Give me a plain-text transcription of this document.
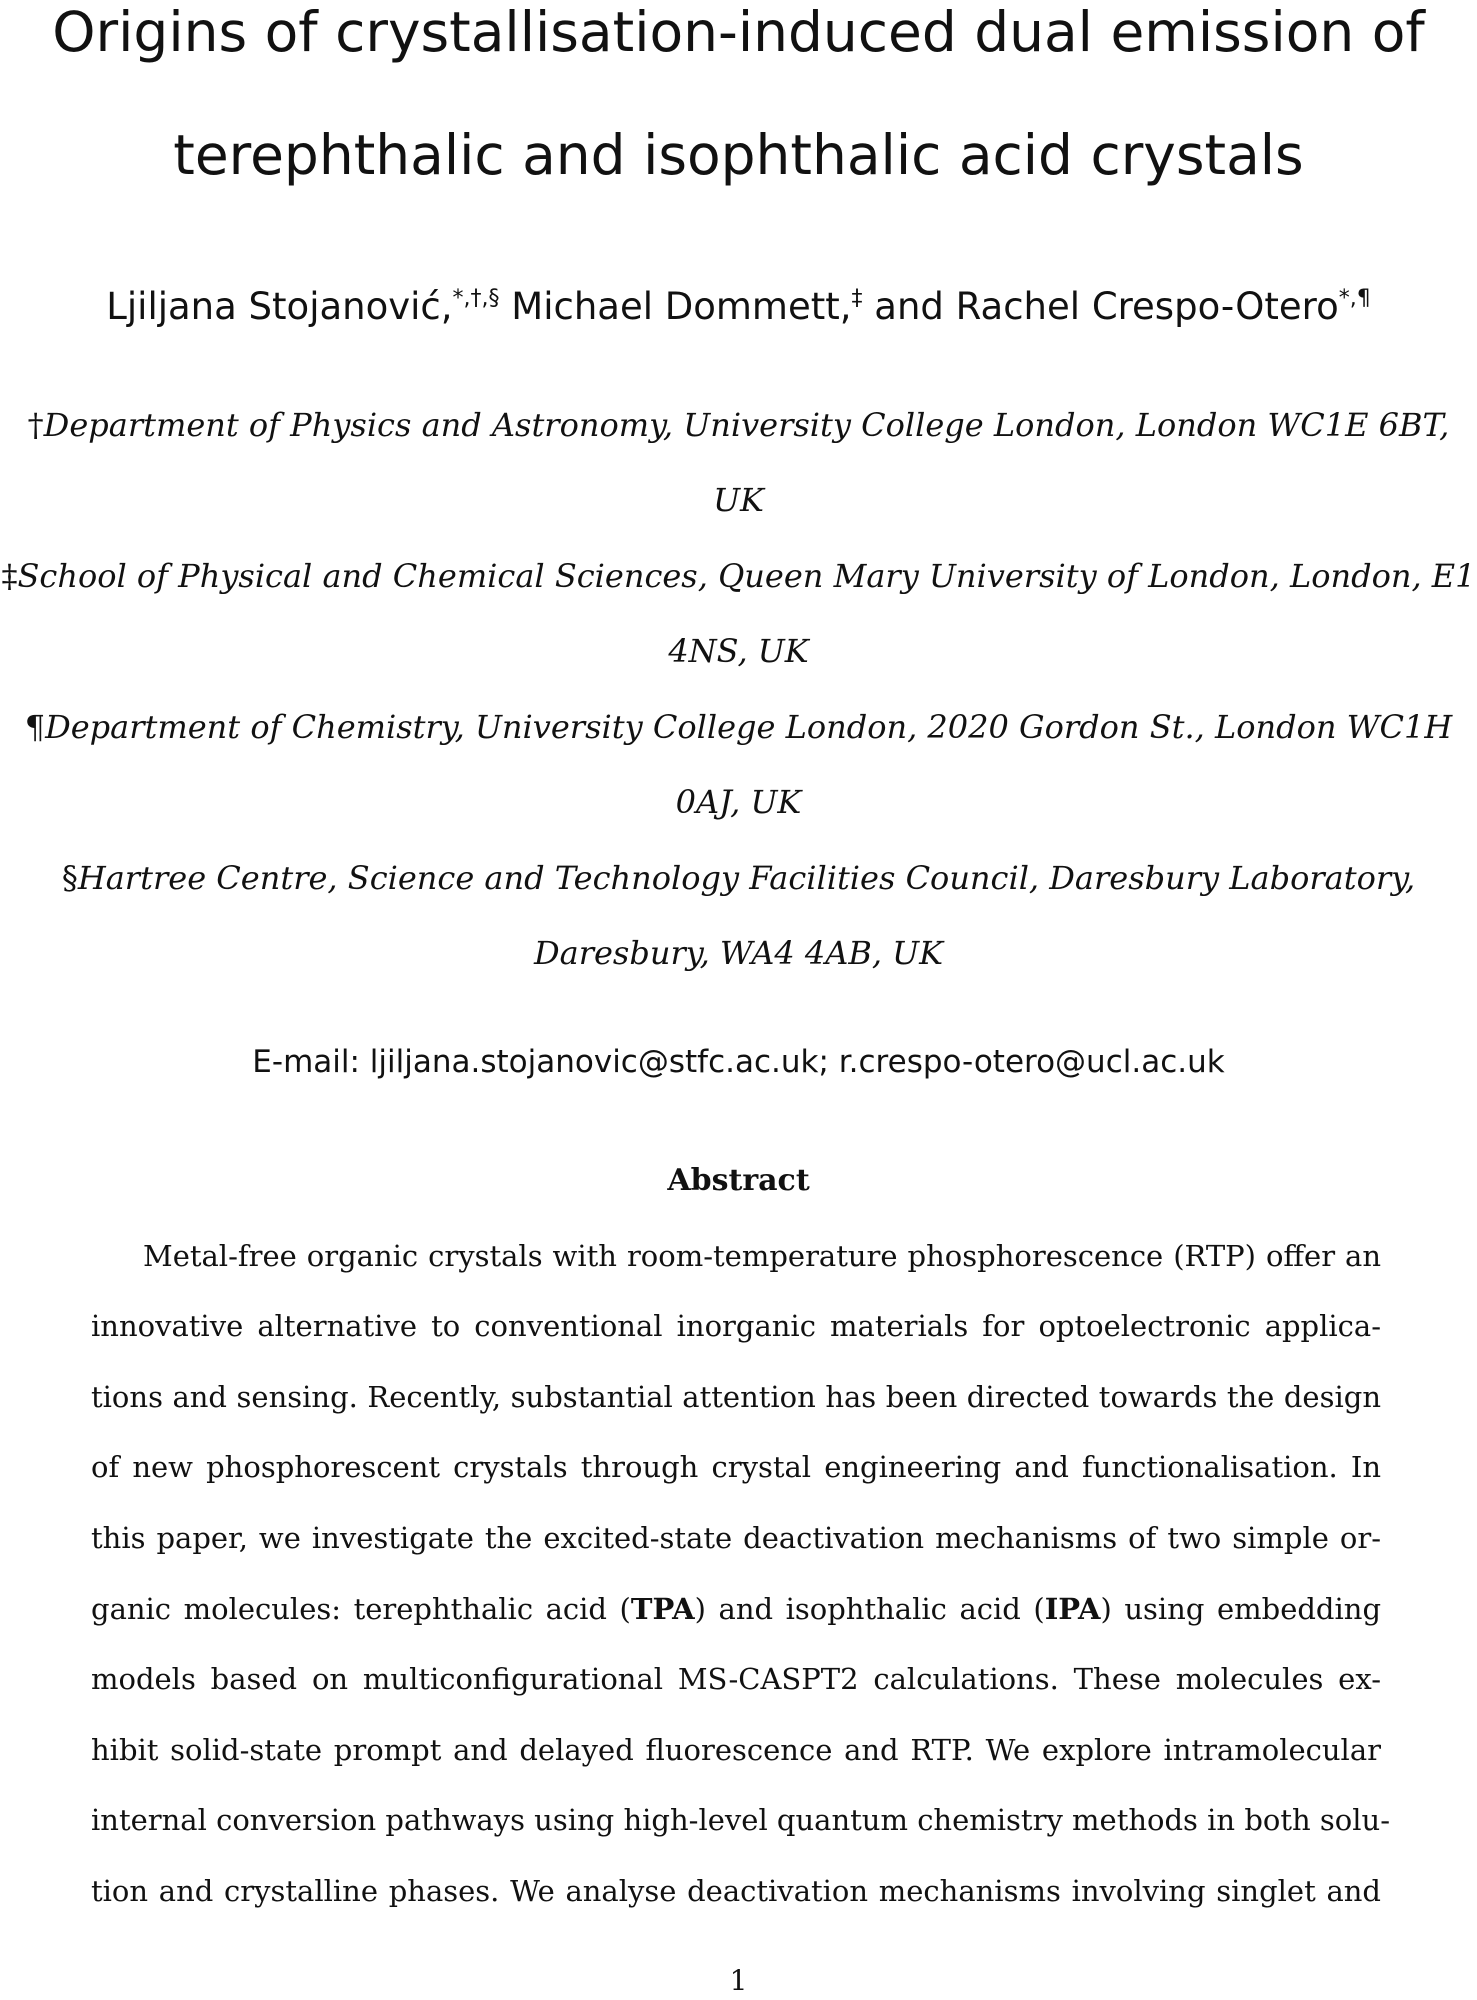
Origins of crystallisation-induced dual emission of
terephthalic and isophthalic acid crystals
Ljiljana Stojanović,*,†,§ Michael Dommett,‡ and Rachel Crespo-Otero*,¶
†Department of Physics and Astronomy, University College London, London WC1E 6BT,
UK
‡School of Physical and Chemical Sciences, Queen Mary University of London, London, E1
4NS, UK
¶Department of Chemistry, University College London, 2020 Gordon St., London WC1H
0AJ, UK
§Hartree Centre, Science and Technology Facilities Council, Daresbury Laboratory,
Daresbury, WA4 4AB, UK
E-mail: ljiljana.stojanovic@stfc.ac.uk; r.crespo-otero@ucl.ac.uk
Abstract
Metal-free organic crystals with room-temperature phosphorescence (RTP) offer an
innovative alternative to conventional inorganic materials for optoelectronic applica-
tions and sensing. Recently, substantial attention has been directed towards the design
of new phosphorescent crystals through crystal engineering and functionalisation. In
this paper, we investigate the excited-state deactivation mechanisms of two simple or-
ganic molecules: terephthalic acid (TPA) and isophthalic acid (IPA) using embedding
models based on multiconfigurational MS-CASPT2 calculations. These molecules ex-
hibit solid-state prompt and delayed fluorescence and RTP. We explore intramolecular
internal conversion pathways using high-level quantum chemistry methods in both solu-
tion and crystalline phases. We analyse deactivation mechanisms involving singlet and
1
